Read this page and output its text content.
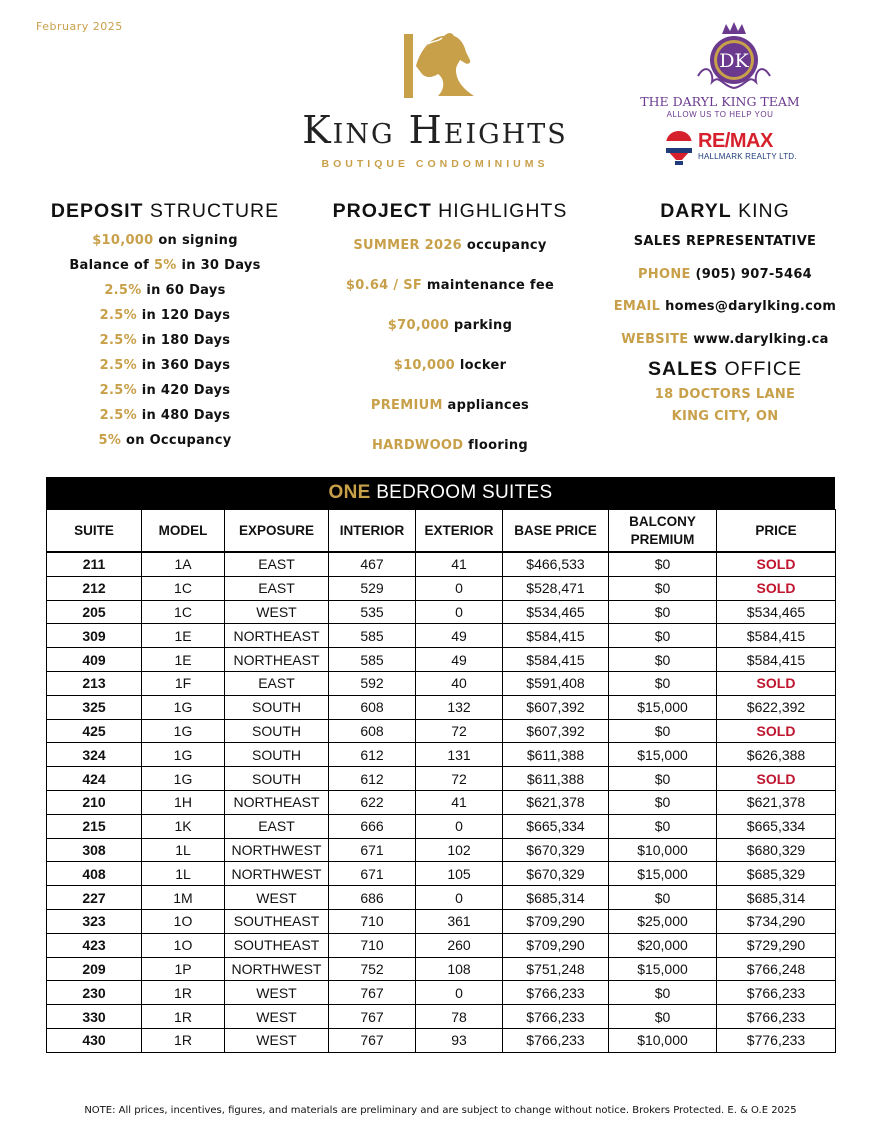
February 2025
King Heights
BOUTIQUE CONDOMINIUMS
DK
THE DARYL KING TEAM
ALLOW US TO HELP YOU
RE/MAX
HALLMARK REALTY LTD.
DEPOSIT STRUCTURE
$10,000 on signing
Balance of 5% in 30 Days
2.5% in 60 Days
2.5% in 120 Days
2.5% in 180 Days
2.5% in 360 Days
2.5% in 420 Days
2.5% in 480 Days
5% on Occupancy
PROJECT HIGHLIGHTS
SUMMER 2026 occupancy
$0.64 / SF maintenance fee
$70,000 parking
$10,000 locker
PREMIUM appliances
HARDWOOD flooring
DARYL KING
SALES REPRESENTATIVE
PHONE (905) 907-5464
EMAIL homes@darylking.com
WEBSITE www.darylking.ca
SALES OFFICE
18 DOCTORS LANE
KING CITY, ON
ONE BEDROOM SUITES
SUITE	MODEL	EXPOSURE	INTERIOR	EXTERIOR	BASE PRICE	BALCONY PREMIUM	PRICE
211	1A	EAST	467	41	$466,533	$0	SOLD
212	1C	EAST	529	0	$528,471	$0	SOLD
205	1C	WEST	535	0	$534,465	$0	$534,465
309	1E	NORTHEAST	585	49	$584,415	$0	$584,415
409	1E	NORTHEAST	585	49	$584,415	$0	$584,415
213	1F	EAST	592	40	$591,408	$0	SOLD
325	1G	SOUTH	608	132	$607,392	$15,000	$622,392
425	1G	SOUTH	608	72	$607,392	$0	SOLD
324	1G	SOUTH	612	131	$611,388	$15,000	$626,388
424	1G	SOUTH	612	72	$611,388	$0	SOLD
210	1H	NORTHEAST	622	41	$621,378	$0	$621,378
215	1K	EAST	666	0	$665,334	$0	$665,334
308	1L	NORTHWEST	671	102	$670,329	$10,000	$680,329
408	1L	NORTHWEST	671	105	$670,329	$15,000	$685,329
227	1M	WEST	686	0	$685,314	$0	$685,314
323	1O	SOUTHEAST	710	361	$709,290	$25,000	$734,290
423	1O	SOUTHEAST	710	260	$709,290	$20,000	$729,290
209	1P	NORTHWEST	752	108	$751,248	$15,000	$766,248
230	1R	WEST	767	0	$766,233	$0	$766,233
330	1R	WEST	767	78	$766,233	$0	$766,233
430	1R	WEST	767	93	$766,233	$10,000	$776,233
NOTE: All prices, incentives, figures, and materials are preliminary and are subject to change without notice. Brokers Protected. E. & O.E 2025
